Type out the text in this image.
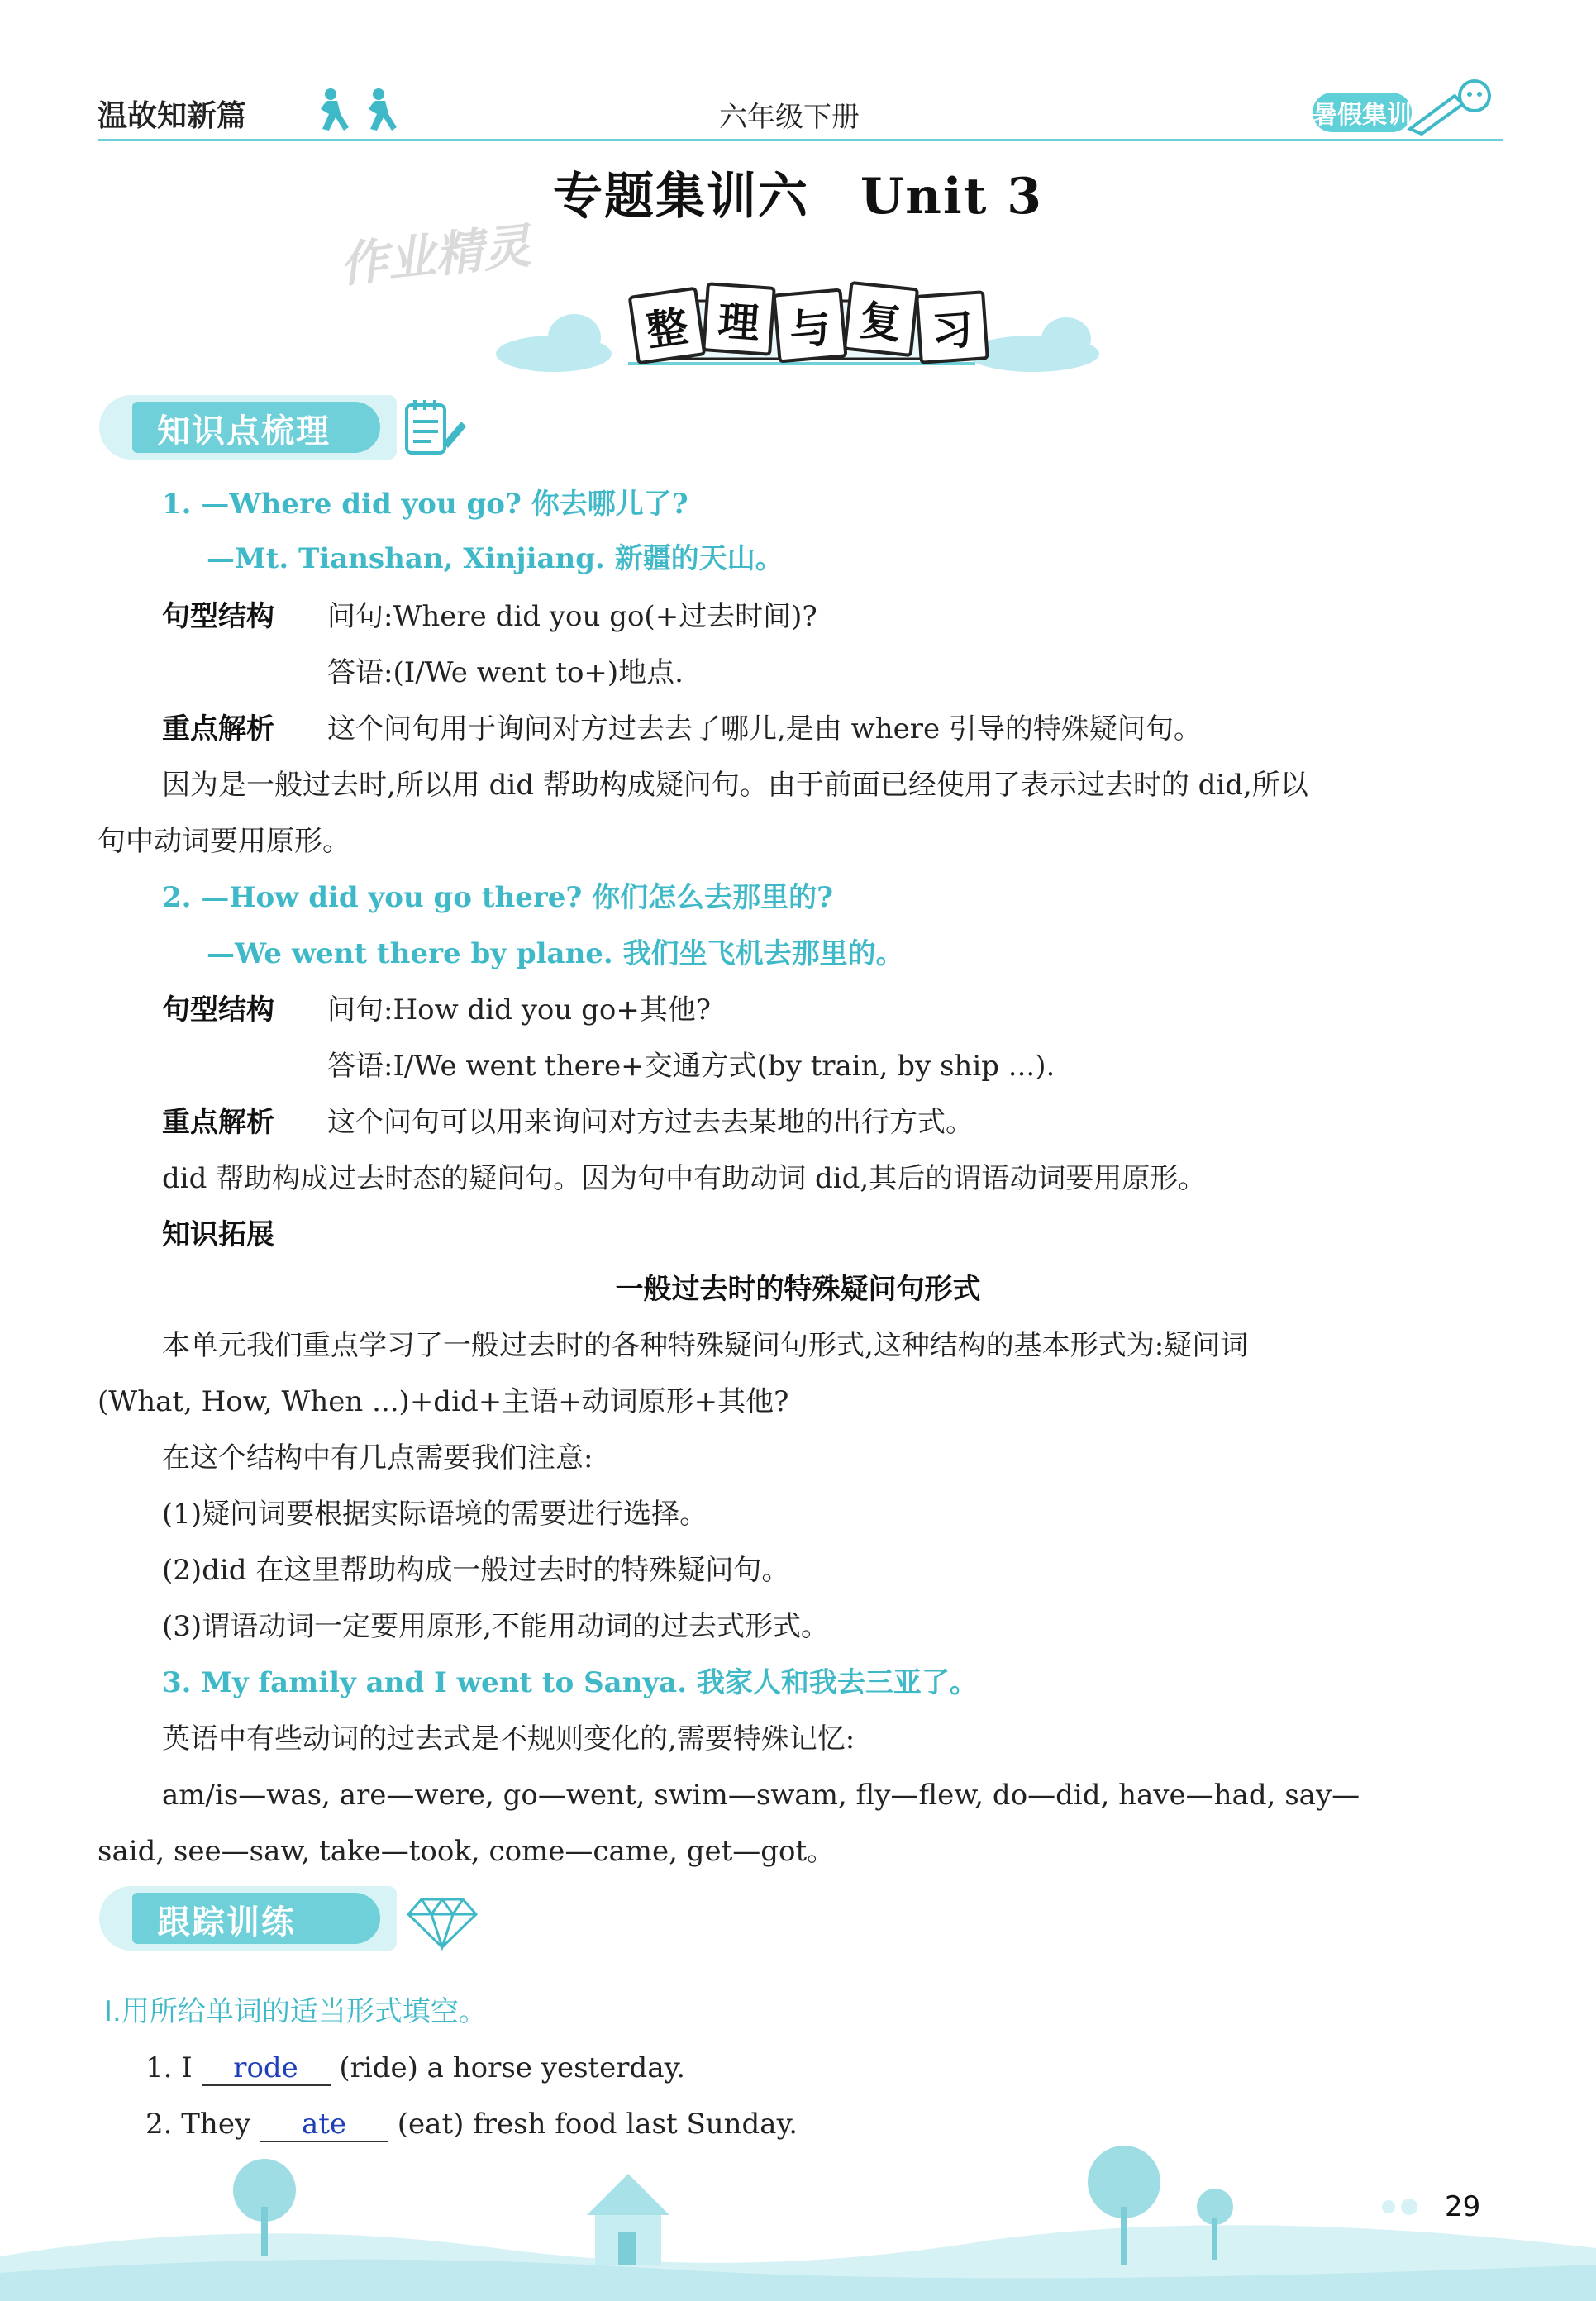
温故知新篇	六年级下册	暑假集训
专题集训六　Unit 3
作业精灵
整 理 与 复 习
知识点梳理
1. —Where did you go? 你去哪儿了?
—Mt. Tianshan, Xinjiang. 新疆的天山。
句型结构 问句:Where did you go(+过去时间)?
答语:(I/We went to+)地点.
重点解析 这个问句用于询问对方过去去了哪儿,是由 where 引导的特殊疑问句。
因为是一般过去时,所以用 did 帮助构成疑问句。由于前面已经使用了表示过去时的 did,所以
句中动词要用原形。
2. —How did you go there? 你们怎么去那里的?
—We went there by plane. 我们坐飞机去那里的。
句型结构 问句:How did you go+其他?
答语:I/We went there+交通方式(by train, by ship ...).
重点解析 这个问句可以用来询问对方过去去某地的出行方式。
did 帮助构成过去时态的疑问句。因为句中有助动词 did,其后的谓语动词要用原形。
知识拓展
一般过去时的特殊疑问句形式
本单元我们重点学习了一般过去时的各种特殊疑问句形式,这种结构的基本形式为:疑问词
(What, How, When ...)+did+主语+动词原形+其他?
在这个结构中有几点需要我们注意:
(1)疑问词要根据实际语境的需要进行选择。
(2)did 在这里帮助构成一般过去时的特殊疑问句。
(3)谓语动词一定要用原形,不能用动词的过去式形式。
3. My family and I went to Sanya. 我家人和我去三亚了。
英语中有些动词的过去式是不规则变化的,需要特殊记忆:
am/is—was, are—were, go—went, swim—swam, fly—flew, do—did, have—had, say—
said, see—saw, take—took, come—came, get—got。
跟踪训练
Ⅰ.用所给单词的适当形式填空。
1. I rode (ride) a horse yesterday.
2. They ate (eat) fresh food last Sunday.
29
